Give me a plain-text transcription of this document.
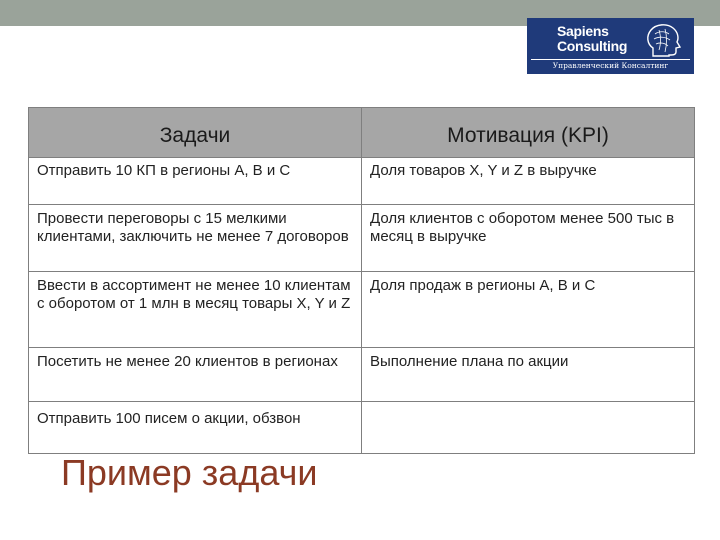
Sapiens
Consulting
Управленческий Консалтинг
Задачи	Мотивация (KPI)
Отправить 10 КП в регионы А, В и С	Доля товаров X, Y и Z в выручке
Провести переговоры с 15 мелкими клиентами, заключить не менее 7 договоров	Доля клиентов с оборотом менее 500 тыс в месяц в выручке
Ввести в ассортимент не менее 10 клиентам с оборотом от 1 млн в месяц товары X, Y и Z	Доля продаж в регионы А, В и С
Посетить не менее 20 клиентов в регионах	Выполнение плана по акции
Отправить 100 писем о акции, обзвон	
Пример задачи
